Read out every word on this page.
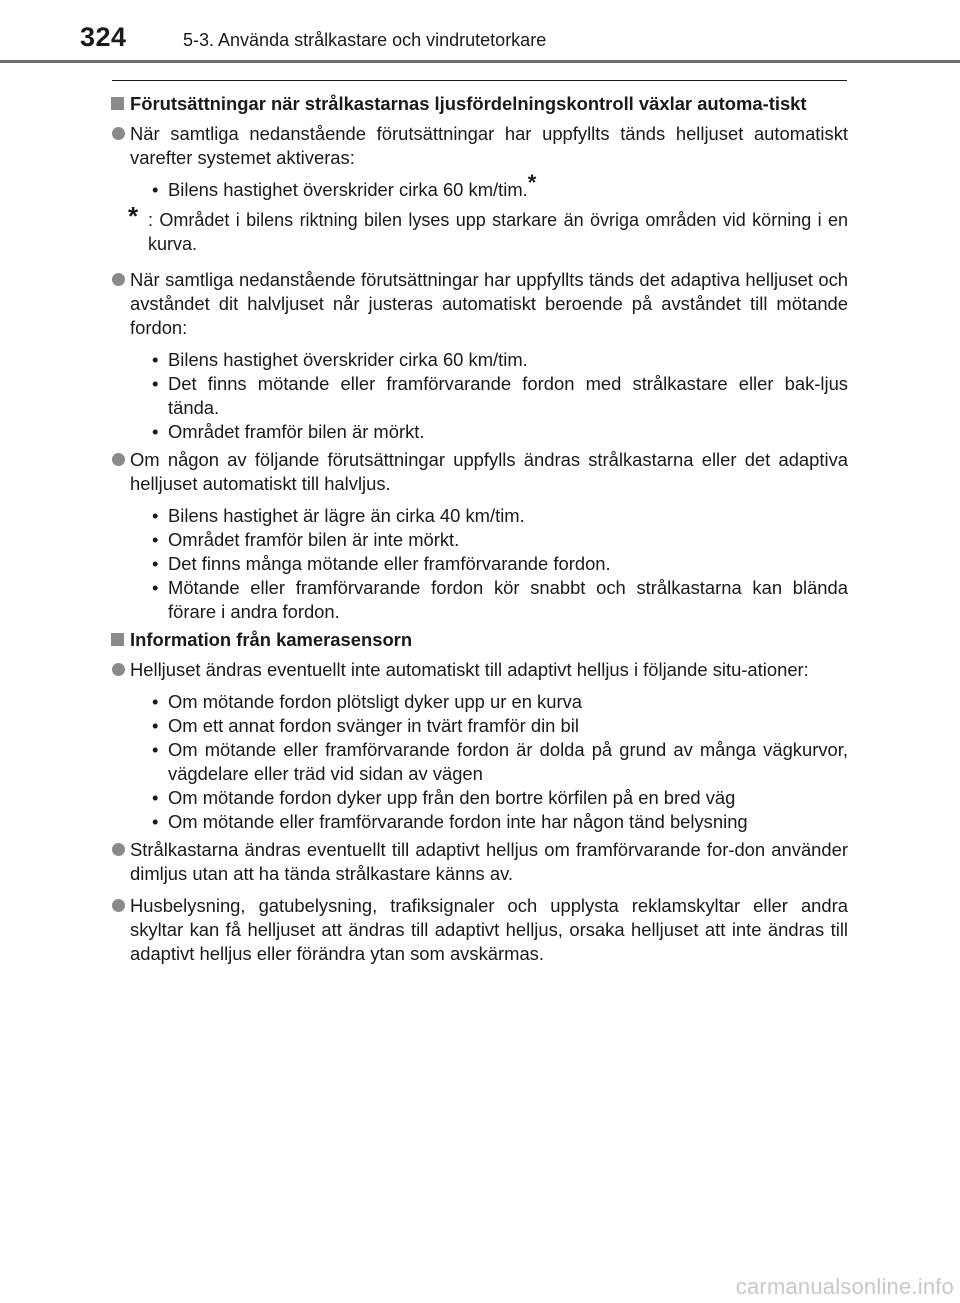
324	5-3. Använda strålkastare och vindrutetorkare
Förutsättningar när strålkastarnas ljusfördelningskontroll växlar automa-tiskt
När samtliga nedanstående förutsättningar har uppfyllts tänds helljuset automatiskt varefter systemet aktiveras:
• Bilens hastighet överskrider cirka 60 km/tim.*
* : Området i bilens riktning bilen lyses upp starkare än övriga områden vid körning i en kurva.
När samtliga nedanstående förutsättningar har uppfyllts tänds det adaptiva helljuset och avståndet dit halvljuset når justeras automatiskt beroende på avståndet till mötande fordon:
• Bilens hastighet överskrider cirka 60 km/tim.
• Det finns mötande eller framförvarande fordon med strålkastare eller bak-ljus tända.
• Området framför bilen är mörkt.
Om någon av följande förutsättningar uppfylls ändras strålkastarna eller det adaptiva helljuset automatiskt till halvljus.
• Bilens hastighet är lägre än cirka 40 km/tim.
• Området framför bilen är inte mörkt.
• Det finns många mötande eller framförvarande fordon.
• Mötande eller framförvarande fordon kör snabbt och strålkastarna kan blända förare i andra fordon.
Information från kamerasensorn
Helljuset ändras eventuellt inte automatiskt till adaptivt helljus i följande situ-ationer:
• Om mötande fordon plötsligt dyker upp ur en kurva
• Om ett annat fordon svänger in tvärt framför din bil
• Om mötande eller framförvarande fordon är dolda på grund av många vägkurvor, vägdelare eller träd vid sidan av vägen
• Om mötande fordon dyker upp från den bortre körfilen på en bred väg
• Om mötande eller framförvarande fordon inte har någon tänd belysning
Strålkastarna ändras eventuellt till adaptivt helljus om framförvarande for-don använder dimljus utan att ha tända strålkastare känns av.
Husbelysning, gatubelysning, trafiksignaler och upplysta reklamskyltar eller andra skyltar kan få helljuset att ändras till adaptivt helljus, orsaka helljuset att inte ändras till adaptivt helljus eller förändra ytan som avskärmas.
carmanualsonline.info
